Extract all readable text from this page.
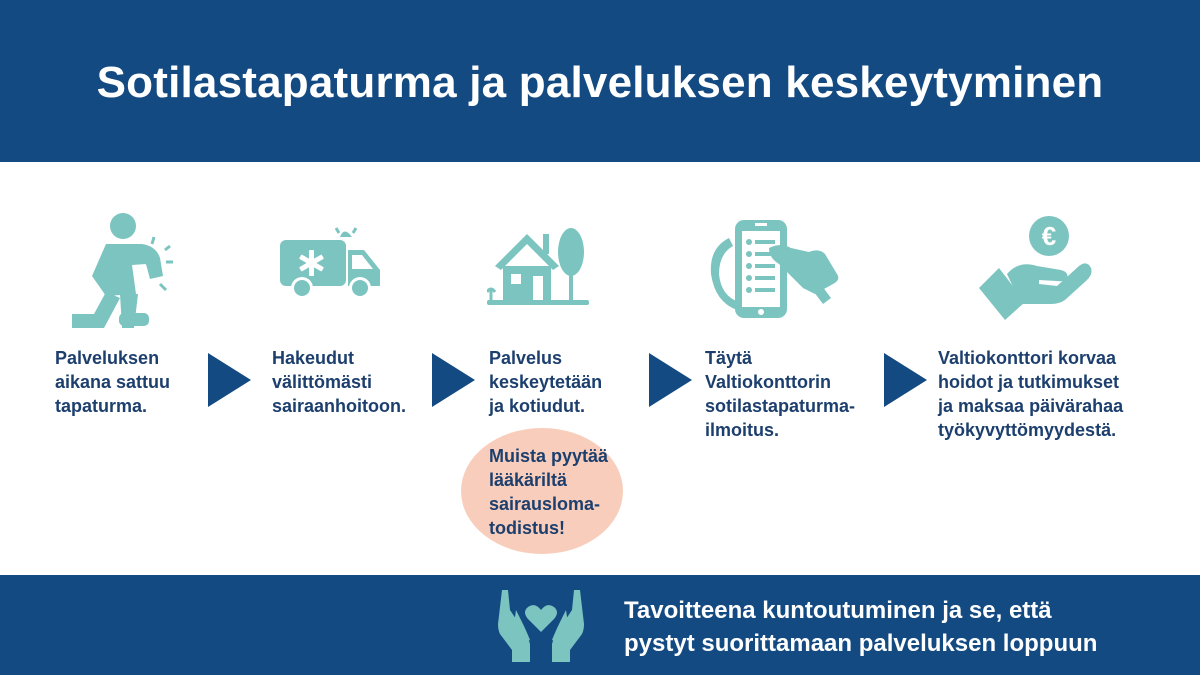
Sotilastapaturma ja palveluksen keskeytyminen
Palveluksen
aikana sattuu
tapaturma.
Hakeudut
välittömästi
sairaanhoitoon.
Palvelus
keskeytetään
ja kotiudut.
Muista pyytää
lääkäriltä
sairausloma-
todistus!
Täytä
Valtiokonttorin
sotilastapaturma-
ilmoitus.
€
Valtiokonttori korvaa
hoidot ja tutkimukset
ja maksaa päivärahaa
työkyvyttömyydestä.
Tavoitteena kuntoutuminen ja se, että
pystyt suorittamaan palveluksen loppuun
